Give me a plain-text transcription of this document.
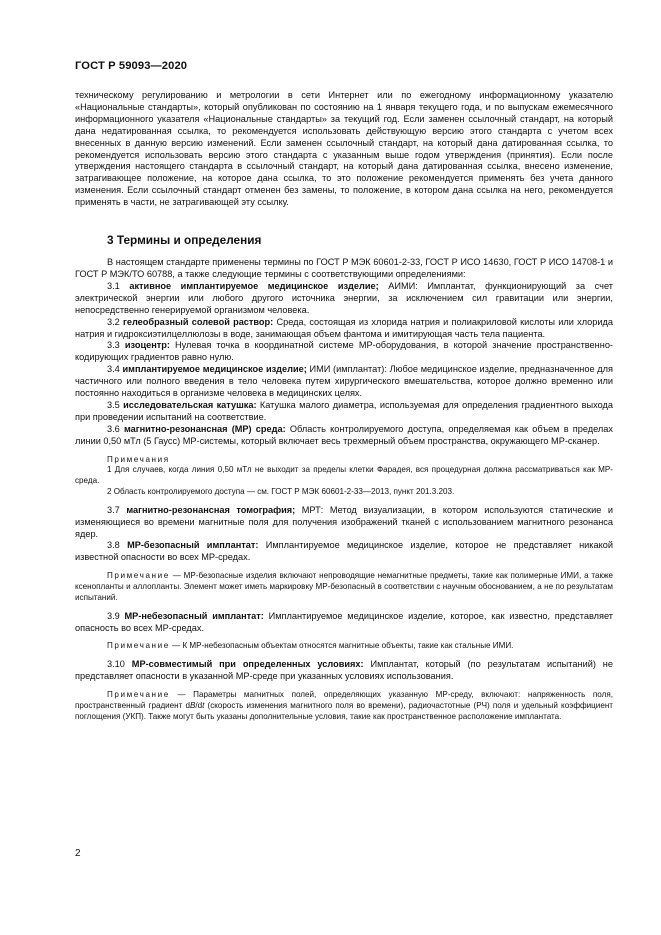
ГОСТ Р 59093—2020

техническому регулированию и метрологии в сети Интернет или по ежегодному информационному указателю «Национальные стандарты», который опубликован по состоянию на 1 января текущего года, и по выпускам ежемесячного информационного указателя «Национальные стандарты» за текущий год. Если заменен ссылочный стандарт, на который дана недатированная ссылка, то рекомендуется использовать действующую версию этого стандарта с учетом всех внесенных в данную версию изменений. Если заменен ссылочный стандарт, на который дана датированная ссылка, то рекомендуется использовать версию этого стандарта с указанным выше годом утверждения (принятия). Если после утверждения настоящего стандарта в ссылочный стандарт, на который дана датированная ссылка, внесено изменение, затрагивающее положение, на которое дана ссылка, то это положение рекомендуется применять без учета данного изменения. Если ссылочный стандарт отменен без замены, то положение, в котором дана ссылка на него, рекомендуется применять в части, не затрагивающей эту ссылку.

3 Термины и определения

В настоящем стандарте применены термины по ГОСТ Р МЭК 60601-2-33, ГОСТ Р ИСО 14630, ГОСТ Р ИСО 14708-1 и ГОСТ Р МЭК/ТО 60788, а также следующие термины с соответствующими определениями:

3.1 активное имплантируемое медицинское изделие; АИМИ: Имплантат, функционирующий за счет электрической энергии или любого другого источника энергии, за исключением сил гравитации или энергии, непосредственно генерируемой организмом человека.

3.2 гелеобразный солевой раствор: Среда, состоящая из хлорида натрия и полиакриловой кислоты или хлорида натрия и гидроксиэтилцеллюлозы в воде, занимающая объем фантома и имитирующая часть тела пациента.

3.3 изоцентр: Нулевая точка в координатной системе МР-оборудования, в которой значение пространственно-кодирующих градиентов равно нулю.

3.4 имплантируемое медицинское изделие; ИМИ (имплантат): Любое медицинское изделие, предназначенное для частичного или полного введения в тело человека путем хирургического вмешательства, которое должно временно или постоянно находиться в организме человека в медицинских целях.

3.5 исследовательская катушка: Катушка малого диаметра, используемая для определения градиентного выхода при проведении испытаний на соответствие.

3.6 магнитно-резонансная (МР) среда: Область контролируемого доступа, определяемая как объем в пределах линии 0,50 мТл (5 Гаусс) МР-системы, который включает весь трехмерный объем пространства, окружающего МР-сканер.

Примечания

1 Для случаев, когда линия 0,50 мТл не выходит за пределы клетки Фарадея, вся процедурная должна рассматриваться как МР-среда.

2 Область контролируемого доступа — см. ГОСТ Р МЭК 60601-2-33—2013, пункт 201.3.203.

3.7 магнитно-резонансная томография; МРТ: Метод визуализации, в котором используются статические и изменяющиеся во времени магнитные поля для получения изображений тканей с использованием магнитного резонанса ядер.

3.8 МР-безопасный имплантат: Имплантируемое медицинское изделие, которое не представляет никакой известной опасности во всех МР-средах.

Примечание — МР-безопасные изделия включают непроводящие немагнитные предметы, такие как полимерные ИМИ, а также ксенопланты и аллопланты. Элемент может иметь маркировку МР-безопасный в соответствии с научным обоснованием, а не по результатам испытаний.

3.9 МР-небезопасный имплантат: Имплантируемое медицинское изделие, которое, как известно, представляет опасность во всех МР-средах.

Примечание — К МР-небезопасным объектам относятся магнитные объекты, такие как стальные ИМИ.

3.10 МР-совместимый при определенных условиях: Имплантат, который (по результатам испытаний) не представляет опасности в указанной МР-среде при указанных условиях использования.

Примечание — Параметры магнитных полей, определяющих указанную МР-среду, включают: напряженность поля, пространственный градиент dB/dt (скорость изменения магнитного поля во времени), радиочастотные (РЧ) поля и удельный коэффициент поглощения (УКП). Также могут быть указаны дополнительные условия, такие как пространственное расположение имплантата.

2
